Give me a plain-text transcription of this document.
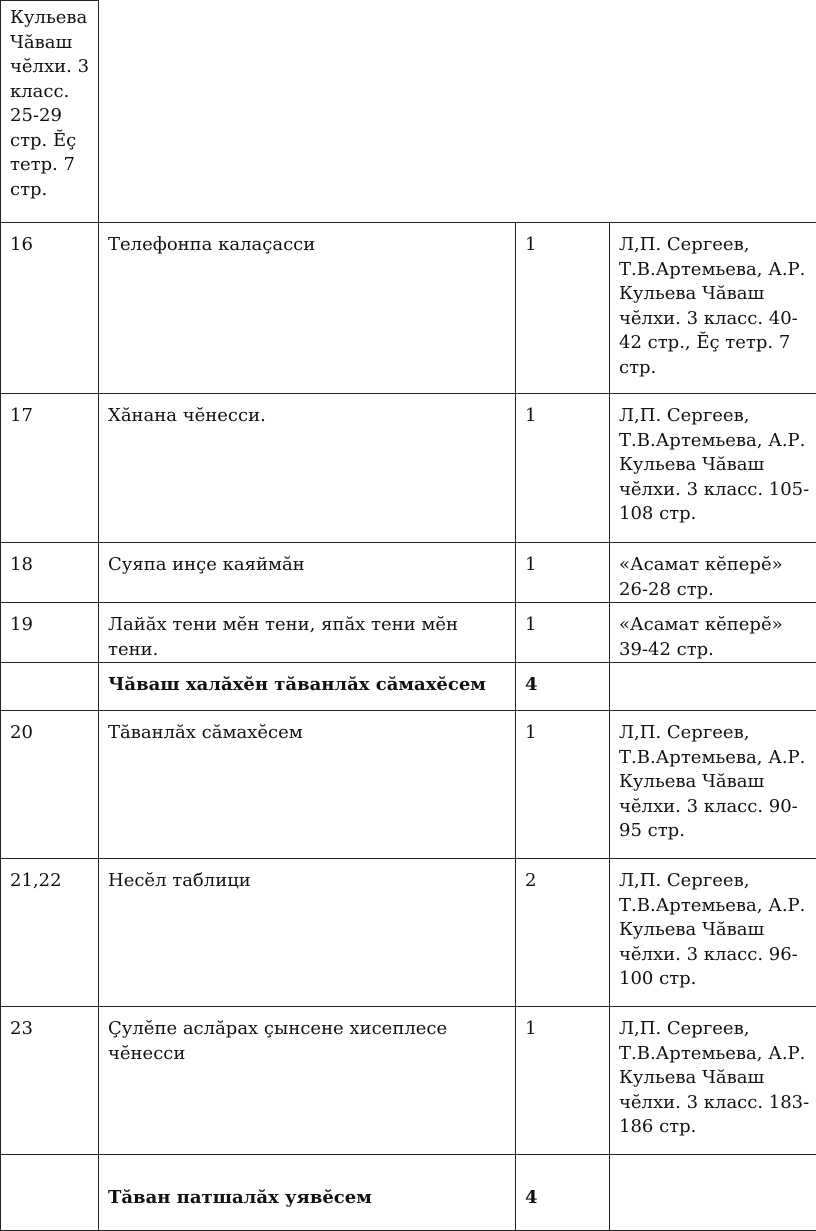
Кульева Чăваш чĕлхи. 3 класс. 25-29 стр. Ĕç тетр. 7 стр.			
16	Телефонпа калаçасси	1	Л,П. Сергеев, Т.В.Артемьева, А.Р. Кульева Чăваш чĕлхи. 3 класс. 40-42 стр., Ĕç тетр. 7 стр.
17	Хăнана чĕнесси.	1	Л,П. Сергеев, Т.В.Артемьева, А.Р. Кульева Чăваш чĕлхи. 3 класс. 105-108 стр.
18	Суяпа инçе каяймăн	1	«Асамат кĕперĕ» 26-28 стр.
19	Лайăх тени мĕн тени, япăх тени мĕн тени.	1	«Асамат кĕперĕ» 39-42 стр.
	Чăваш халăхĕн тăванлăх сăмахĕсем	4	
20	Тăванлăх сăмахĕсем	1	Л,П. Сергеев, Т.В.Артемьева, А.Р. Кульева Чăваш чĕлхи. 3 класс. 90-95 стр.
21,22	Несĕл таблици	2	Л,П. Сергеев, Т.В.Артемьева, А.Р. Кульева Чăваш чĕлхи. 3 класс. 96-100 стр.
23	Çулĕпе аслăрах çынсене хисеплесе чĕнесси	1	Л,П. Сергеев, Т.В.Артемьева, А.Р. Кульева Чăваш чĕлхи. 3 класс. 183-186 стр.
	Тăван патшалăх уявĕсем	4	
